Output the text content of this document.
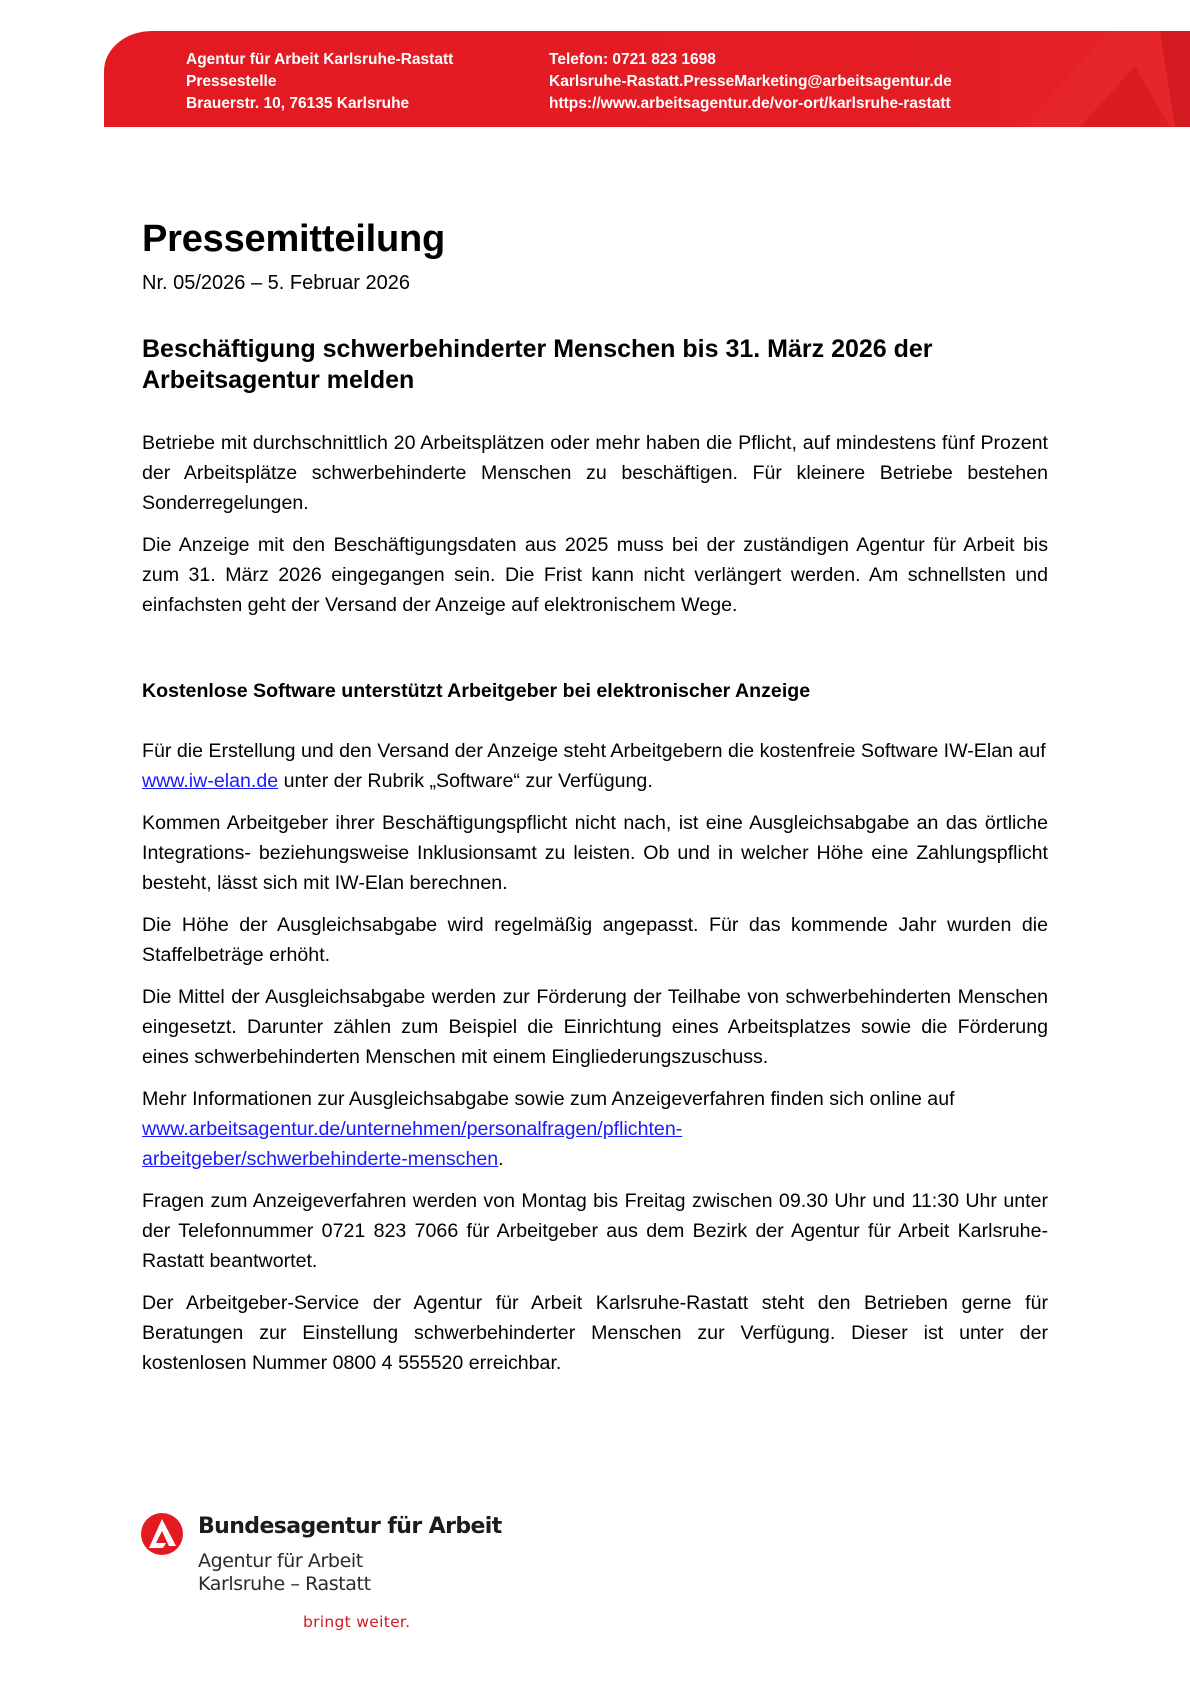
Agentur für Arbeit Karlsruhe-Rastatt
Pressestelle
Brauerstr. 10, 76135 Karlsruhe
Telefon: 0721 823 1698
Karlsruhe-Rastatt.PresseMarketing@arbeitsagentur.de
https://www.arbeitsagentur.de/vor-ort/karlsruhe-rastatt
Pressemitteilung
Nr. 05/2026 – 5. Februar 2026
Beschäftigung schwerbehinderter Menschen bis 31. März 2026 der Arbeitsagentur melden

Betriebe mit durchschnittlich 20 Arbeitsplätzen oder mehr haben die Pflicht, auf mindestens fünf Prozent der Arbeitsplätze schwerbehinderte Menschen zu beschäftigen. Für kleinere Betriebe bestehen Sonderregelungen.

Die Anzeige mit den Beschäftigungsdaten aus 2025 muss bei der zuständigen Agentur für Arbeit bis zum 31. März 2026 eingegangen sein. Die Frist kann nicht verlängert werden. Am schnellsten und einfachsten geht der Versand der Anzeige auf elektronischem Wege.

Kostenlose Software unterstützt Arbeitgeber bei elektronischer Anzeige

Für die Erstellung und den Versand der Anzeige steht Arbeitgebern die kostenfreie Software IW-Elan auf www.iw-elan.de unter der Rubrik „Software“ zur Verfügung.

Kommen Arbeitgeber ihrer Beschäftigungspflicht nicht nach, ist eine Ausgleichsabgabe an das örtliche Integrations- beziehungsweise Inklusionsamt zu leisten. Ob und in welcher Höhe eine Zahlungspflicht besteht, lässt sich mit IW-Elan berechnen.

Die Höhe der Ausgleichsabgabe wird regelmäßig angepasst. Für das kommende Jahr wurden die Staffelbeträge erhöht.

Die Mittel der Ausgleichsabgabe werden zur Förderung der Teilhabe von schwerbehinderten Menschen eingesetzt. Darunter zählen zum Beispiel die Einrichtung eines Arbeitsplatzes sowie die Förderung eines schwerbehinderten Menschen mit einem Eingliederungszuschuss.

Mehr Informationen zur Ausgleichsabgabe sowie zum Anzeigeverfahren finden sich online auf
www.arbeitsagentur.de/unternehmen/personalfragen/pflichten-
arbeitgeber/schwerbehinderte-menschen.

Fragen zum Anzeigeverfahren werden von Montag bis Freitag zwischen 09.30 Uhr und 11:30 Uhr unter der Telefonnummer 0721 823 7066 für Arbeitgeber aus dem Bezirk der Agentur für Arbeit Karlsruhe-Rastatt beantwortet.

Der Arbeitgeber-Service der Agentur für Arbeit Karlsruhe-Rastatt steht den Betrieben gerne für Beratungen zur Einstellung schwerbehinderter Menschen zur Verfügung. Dieser ist unter der kostenlosen Nummer 0800 4 555520 erreichbar.

Bundesagentur für Arbeit
Agentur für Arbeit
Karlsruhe – Rastatt
bringt weiter.
